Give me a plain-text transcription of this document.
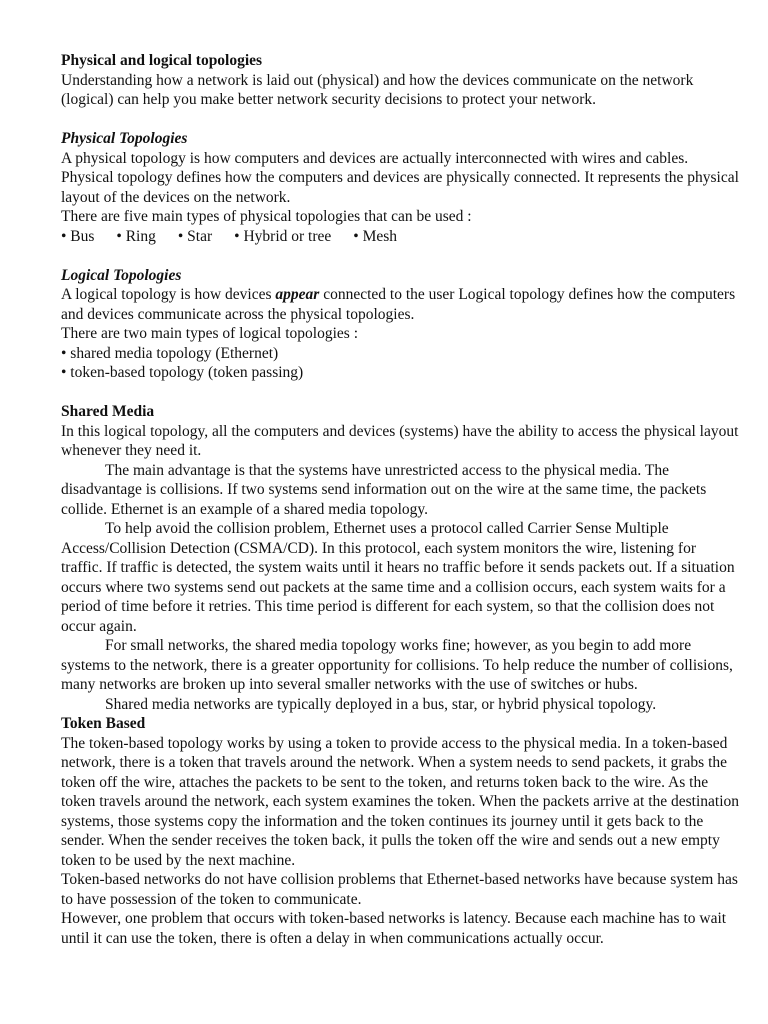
Physical and logical topologies

Understanding how a network is laid out (physical) and how the devices communicate on the network (logical) can help you make better network security decisions to protect your network.

Physical Topologies

A physical topology is how computers and devices are actually interconnected with wires and cables. Physical topology defines how the computers and devices are physically connected. It represents the physical layout of the devices on the network.

There are five main types of physical topologies that can be used :

• Bus • Ring • Star • Hybrid or tree • Mesh

Logical Topologies

A logical topology is how devices appear connected to the user Logical topology defines how the computers and devices communicate across the physical topologies.

There are two main types of logical topologies :

• shared media topology (Ethernet)

• token-based topology (token passing)

Shared Media

In this logical topology, all the computers and devices (systems) have the ability to access the physical layout whenever they need it.

The main advantage is that the systems have unrestricted access to the physical media. The disadvantage is collisions. If two systems send information out on the wire at the same time, the packets collide. Ethernet is an example of a shared media topology.

To help avoid the collision problem, Ethernet uses a protocol called Carrier Sense Multiple Access/Collision Detection (CSMA/CD). In this protocol, each system monitors the wire, listening for traffic. If traffic is detected, the system waits until it hears no traffic before it sends packets out. If a situation occurs where two systems send out packets at the same time and a collision occurs, each system waits for a period of time before it retries. This time period is different for each system, so that the collision does not occur again.

For small networks, the shared media topology works fine; however, as you begin to add more systems to the network, there is a greater opportunity for collisions. To help reduce the number of collisions, many networks are broken up into several smaller networks with the use of switches or hubs.

Shared media networks are typically deployed in a bus, star, or hybrid physical topology.

Token Based

The token-based topology works by using a token to provide access to the physical media. In a token-based network, there is a token that travels around the network. When a system needs to send packets, it grabs the token off the wire, attaches the packets to be sent to the token, and returns token back to the wire. As the token travels around the network, each system examines the token. When the packets arrive at the destination systems, those systems copy the information and the token continues its journey until it gets back to the sender. When the sender receives the token back, it pulls the token off the wire and sends out a new empty token to be used by the next machine.

Token-based networks do not have collision problems that Ethernet-based networks have because system has to have possession of the token to communicate.

However, one problem that occurs with token-based networks is latency. Because each machine has to wait until it can use the token, there is often a delay in when communications actually occur.
